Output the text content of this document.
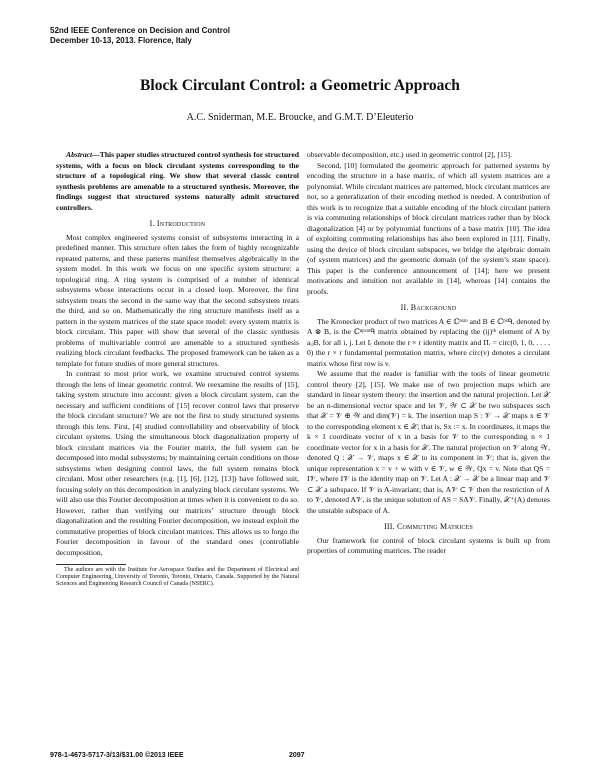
52nd IEEE Conference on Decision and Control
December 10-13, 2013. Florence, Italy
Block Circulant Control: a Geometric Approach
A.C. Sniderman, M.E. Broucke, and G.M.T. D’Eleuterio

Abstract—This paper studies structured control synthesis for structured systems, with a focus on block circulant systems corresponding to the structure of a topological ring. We show that several classic control synthesis problems are amenable to a structured synthesis. Moreover, the findings suggest that structured systems naturally admit structured controllers.

I. Introduction

Most complex engineered systems consist of subsystems interacting in a predefined manner. This structure often takes the form of highly recognizable repeated patterns, and these patterns manifest themselves algebraically in the system model. In this work we focus on one specific system structure: a topological ring. A ring system is comprised of a number of identical subsystems whose interactions occur in a closed loop. Moreover, the first subsystem treats the second in the same way that the second subsystem treats the third, and so on. Mathematically the ring structure manifests itself as a pattern in the system matrices of the state space model: every system matrix is block circulant. This paper will show that several of the classic synthesis problems of multivariable control are amenable to a structured synthesis realizing block circulant feedbacks. The proposed framework can be taken as a template for future studies of more general structures.

In contrast to most prior work, we examine structured control systems through the lens of linear geometric control. We reexamine the results of [15], taking system structure into account: given a block circulant system, can the necessary and sufficient conditions of [15] recover control laws that preserve the block circulant structure? We are not the first to study structured systems through this lens. First, [4] studied controllability and observability of block circulant systems. Using the simultaneous block diagonalization property of block circulant matrices via the Fourier matrix, the full system can be decomposed into modal subsystems; by maintaining certain conditions on those subsystems when designing control laws, the full system remains block circulant. Most other researchers (e.g. [1], [6], [12], [13]) have followed suit, focusing solely on this decomposition in analyzing block circulant systems. We will also use this Fourier decomposition at times when it is convenient to do so. However, rather than verifying our matrices’ structure through block diagonalization and the resulting Fourier decomposition, we instead exploit the commutative properties of block circulant matrices. This allows us to forgo the Fourier decomposition in favour of the standard ones (controllable decomposition,

The authors are with the Institute for Aerospace Studies and the Department of Electrical and Computer Engineering, University of Toronto, Toronto, Ontario, Canada. Supported by the Natural Sciences and Engineering Research Council of Canada (NSERC).

observable decomposition, etc.) used in geometric control [2], [15].

Second, [10] formulated the geometric approach for patterned systems by encoding the structure in a base matrix, of which all system matrices are a polynomial. While circulant matrices are patterned, block circulant matrices are not, so a generalization of their encoding method is needed. A contribution of this work is to recognize that a suitable encoding of the block circulant pattern is via commuting relationships of block circulant matrices rather than by block diagonalization [4] or by polynomial functions of a base matrix [10]. The idea of exploiting commuting relationships has also been explored in [11]. Finally, using the device of block circulant subspaces, we bridge the algebraic domain (of system matrices) and the geometric domain (of the system’s state space). This paper is the conference announcement of [14]; here we present motivations and intuition not available in [14], whereas [14] contains the proofs.

II. Background

The Kronecker product of two matrices A ∈ ℂⁿˣᵐ and B ∈ ℂᵖˣᑫ, denoted by A ⊗ B, is the ℂⁿᵖˣᵐᑫ matrix obtained by replacing the (ij)ᵗʰ element of A by aᵢⱼB, for all i, j. Let Iᵣ denote the r × r identity matrix and Πᵣ = circ(0, 1, 0, . . . , 0) the r × r fundamental permutation matrix, where circ(v) denotes a circulant matrix whose first row is v.

We assume that the reader is familiar with the tools of linear geometric control theory [2], [15]. We make use of two projection maps which are standard in linear system theory: the insertion and the natural projection. Let 𝒳 be an n-dimensional vector space and let 𝒱, 𝒲 ⊂ 𝒳 be two subspaces such that 𝒳 = 𝒱 ⊕ 𝒲 and dim(𝒱) = k. The insertion map S : 𝒱 → 𝒳 maps x ∈ 𝒱 to the corresponding element x ∈ 𝒳; that is, Sx := x. In coordinates, it maps the k × 1 coordinate vector of x in a basis for 𝒱 to the corresponding n × 1 coordinate vector for x in a basis for 𝒳. The natural projection on 𝒱 along 𝒲, denoted Q : 𝒳 → 𝒱, maps x ∈ 𝒳 to its component in 𝒱; that is, given the unique representation x = v + w with v ∈ 𝒱, w ∈ 𝒲, Qx = v. Note that QS = I𝒱, where I𝒱 is the identity map on 𝒱. Let A : 𝒳 → 𝒳 be a linear map and 𝒱 ⊂ 𝒳 a subspace. If 𝒱 is A-invariant; that is, A𝒱 ⊂ 𝒱 then the restriction of A to 𝒱, denoted A𝒱, is the unique solution of AS = SA𝒱. Finally, 𝒳⁺(A) denotes the unstable subspace of A.

III. Commuting Matrices

Our framework for control of block circulant systems is built up from properties of commuting matrices. The reader

978-1-4673-5717-3/13/$31.00 ©2013 IEEE	2097
